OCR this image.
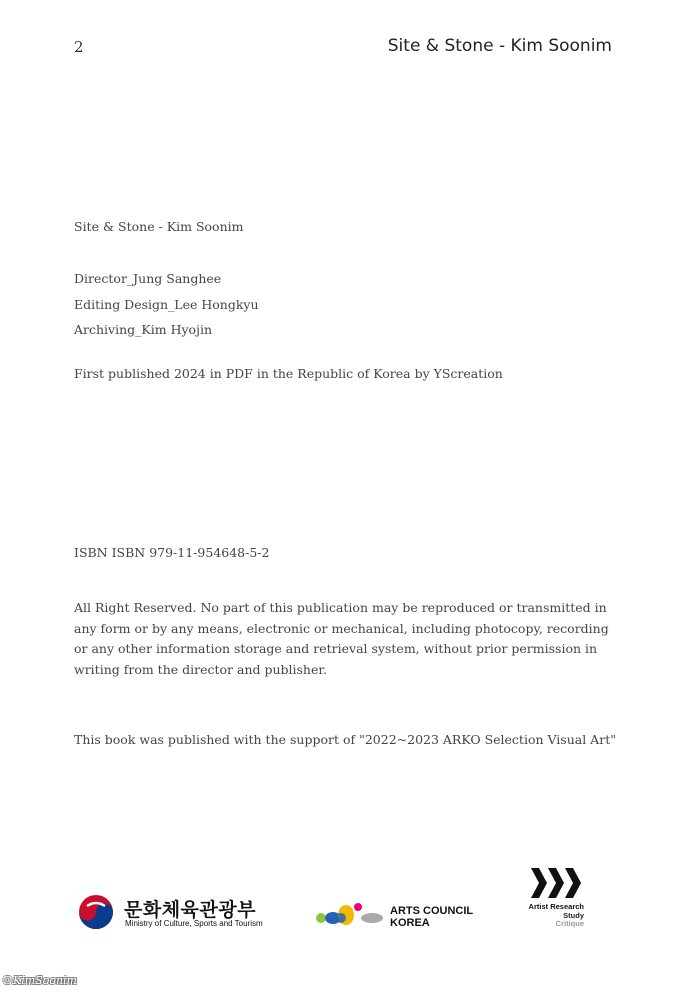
2	Site & Stone - Kim Soonim
Site & Stone - Kim Soonim
Director_Jung Sanghee
Editing Design_Lee Hongkyu
Archiving_Kim Hyojin
First published 2024 in PDF in the Republic of Korea by YScreation
ISBN ISBN 979-11-954648-5-2
All Right Reserved. No part of this publication may be reproduced or transmitted in
any form or by any means, electronic or mechanical, including photocopy, recording
or any other information storage and retrieval system, without prior permission in
writing from the director and publisher.
This book was published with the support of "2022~2023 ARKO Selection Visual Art"
문화체육관광부
Ministry of Culture, Sports and Tourism
ARTS COUNCIL
KOREA
Artist Research
Study
Critique
©KimSoonim
